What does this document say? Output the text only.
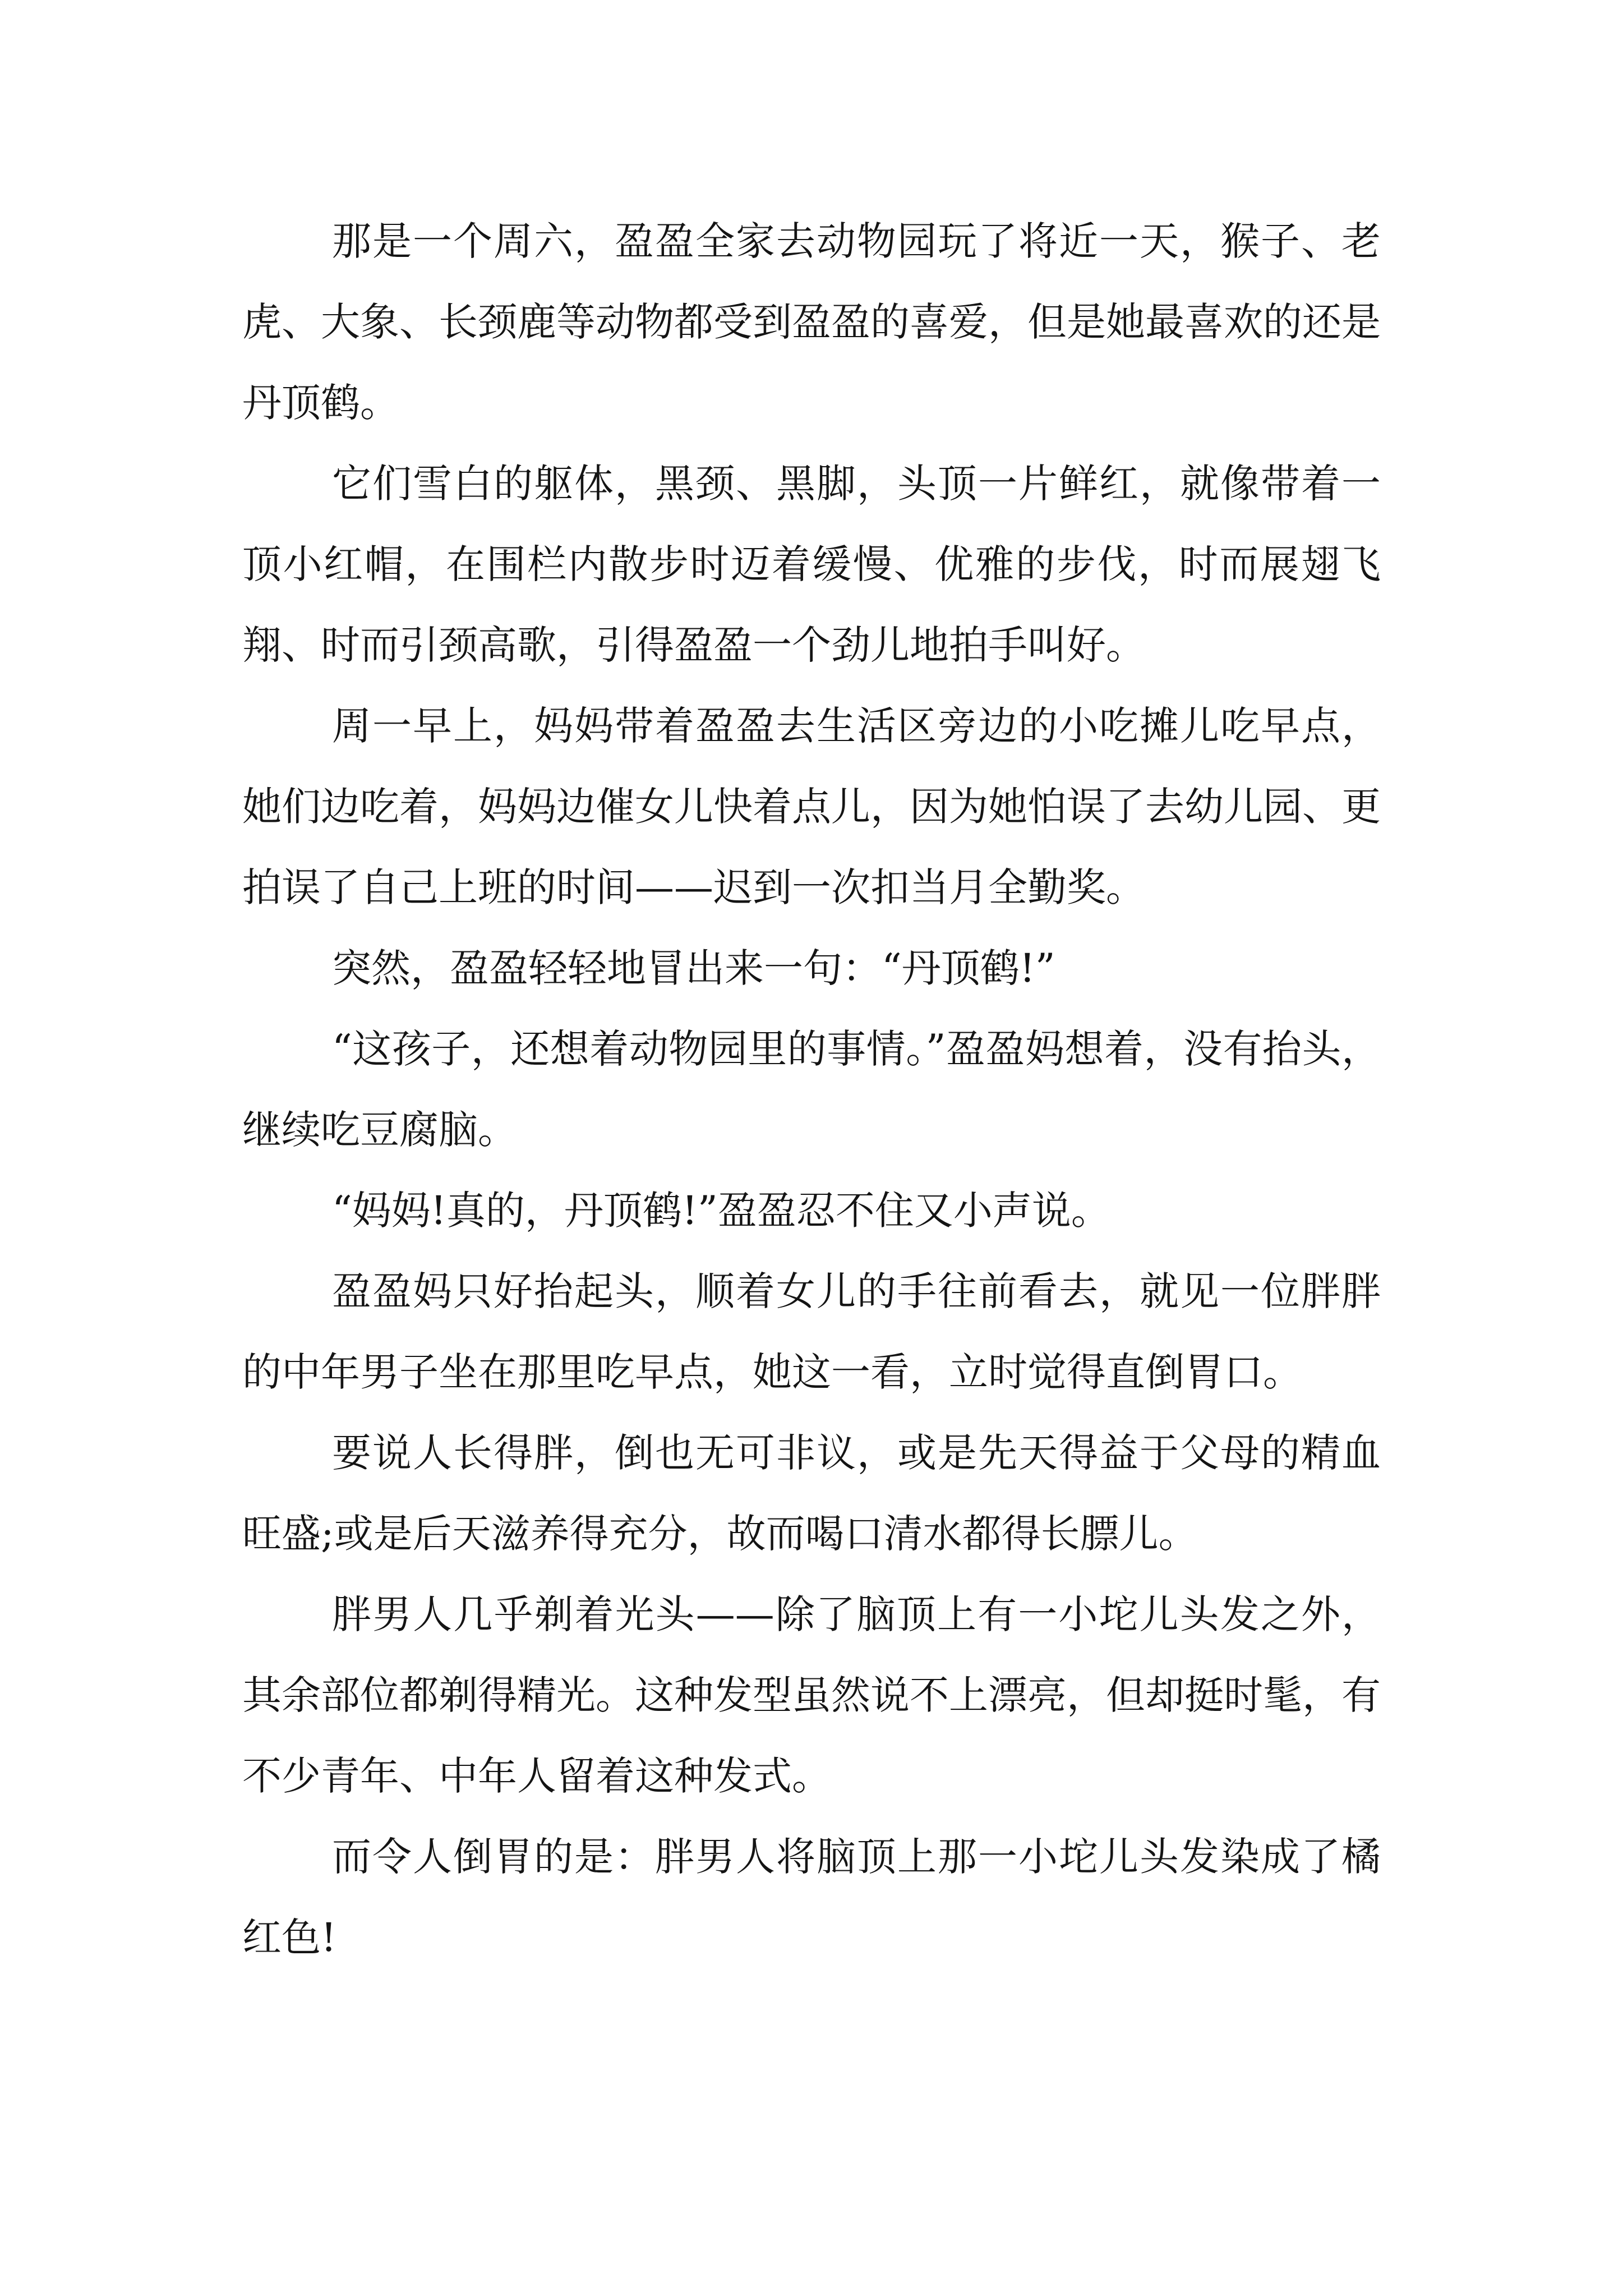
那是一个周六，盈盈全家去动物园玩了将近一天，猴子、老虎、大象、长颈鹿等动物都受到盈盈的喜爱，但是她最喜欢的还是丹顶鹤。

它们雪白的躯体，黑颈、黑脚，头顶一片鲜红，就像带着一顶小红帽，在围栏内散步时迈着缓慢、优雅的步伐，时而展翅飞翔、时而引颈高歌，引得盈盈一个劲儿地拍手叫好。

周一早上，妈妈带着盈盈去生活区旁边的小吃摊儿吃早点，她们边吃着，妈妈边催女儿快着点儿，因为她怕误了去幼儿园、更拍误了自己上班的时间——迟到一次扣当月全勤奖。

突然，盈盈轻轻地冒出来一句：“丹顶鹤!”

“这孩子，还想着动物园里的事情。”盈盈妈想着，没有抬头，继续吃豆腐脑。

“妈妈!真的，丹顶鹤!”盈盈忍不住又小声说。

盈盈妈只好抬起头，顺着女儿的手往前看去，就见一位胖胖的中年男子坐在那里吃早点，她这一看，立时觉得直倒胃口。

要说人长得胖，倒也无可非议，或是先天得益于父母的精血旺盛;或是后天滋养得充分，故而喝口清水都得长膘儿。

胖男人几乎剃着光头——除了脑顶上有一小坨儿头发之外，其余部位都剃得精光。这种发型虽然说不上漂亮，但却挺时髦，有不少青年、中年人留着这种发式。

而令人倒胃的是：胖男人将脑顶上那一小坨儿头发染成了橘红色!
